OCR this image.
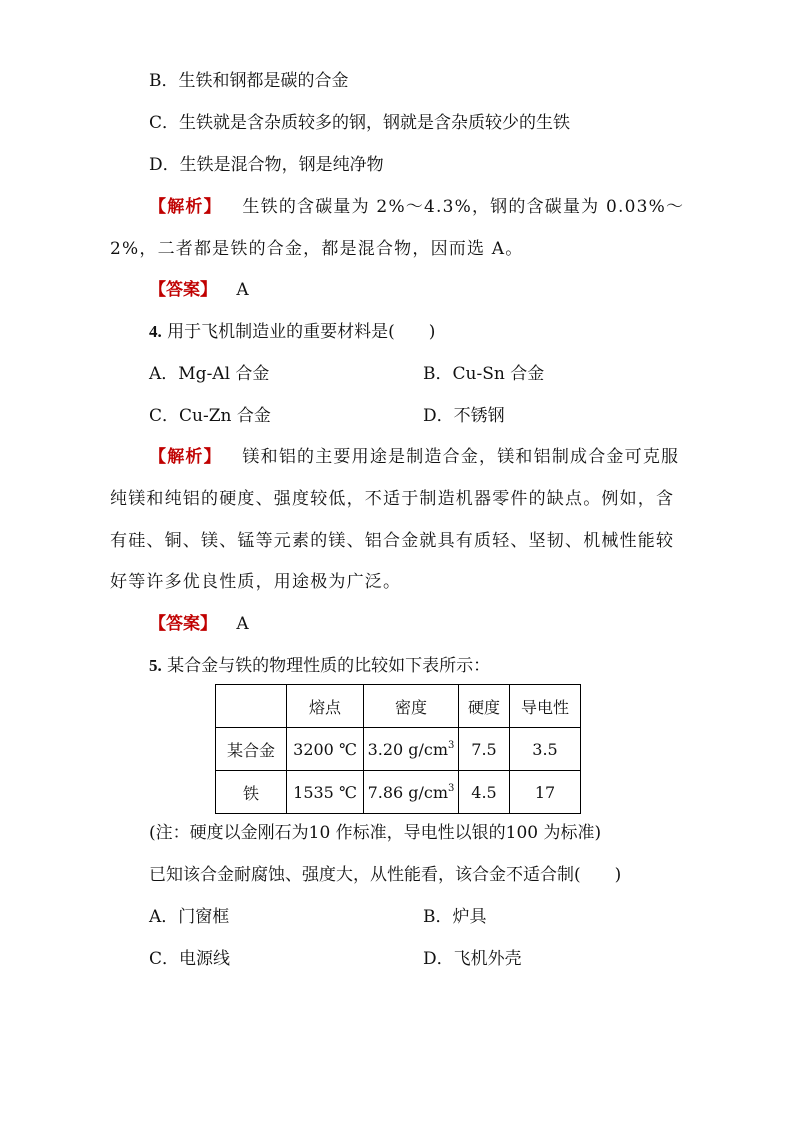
B．生铁和钢都是碳的合金
C．生铁就是含杂质较多的钢，钢就是含杂质较少的生铁
D．生铁是混合物，钢是纯净物
【解析】 生铁的含碳量为 2%～4.3%，钢的含碳量为 0.03%～
2%，二者都是铁的合金，都是混合物，因而选 A。
【答案】 A
4. 用于飞机制造业的重要材料是(　　)
A．Mg-Al 合金	B．Cu-Sn 合金
C．Cu-Zn 合金	D．不锈钢
【解析】 镁和铝的主要用途是制造合金，镁和铝制成合金可克服
纯镁和纯铝的硬度、强度较低，不适于制造机器零件的缺点。例如，含
有硅、铜、镁、锰等元素的镁、铝合金就具有质轻、坚韧、机械性能较
好等许多优良性质，用途极为广泛。
【答案】 A
5. 某合金与铁的物理性质的比较如下表所示：
	熔点	密度	硬度	导电性
某合金	3200 ℃	3.20 $g/cm^3$	7.5	3.5
铁	1535 ℃	7.86 $g/cm^3$	4.5	17
(注：硬度以金刚石为10 作标准，导电性以银的100 为标准)
已知该合金耐腐蚀、强度大，从性能看，该合金不适合制(　　)
A．门窗框	B．炉具
C．电源线	D．飞机外壳
